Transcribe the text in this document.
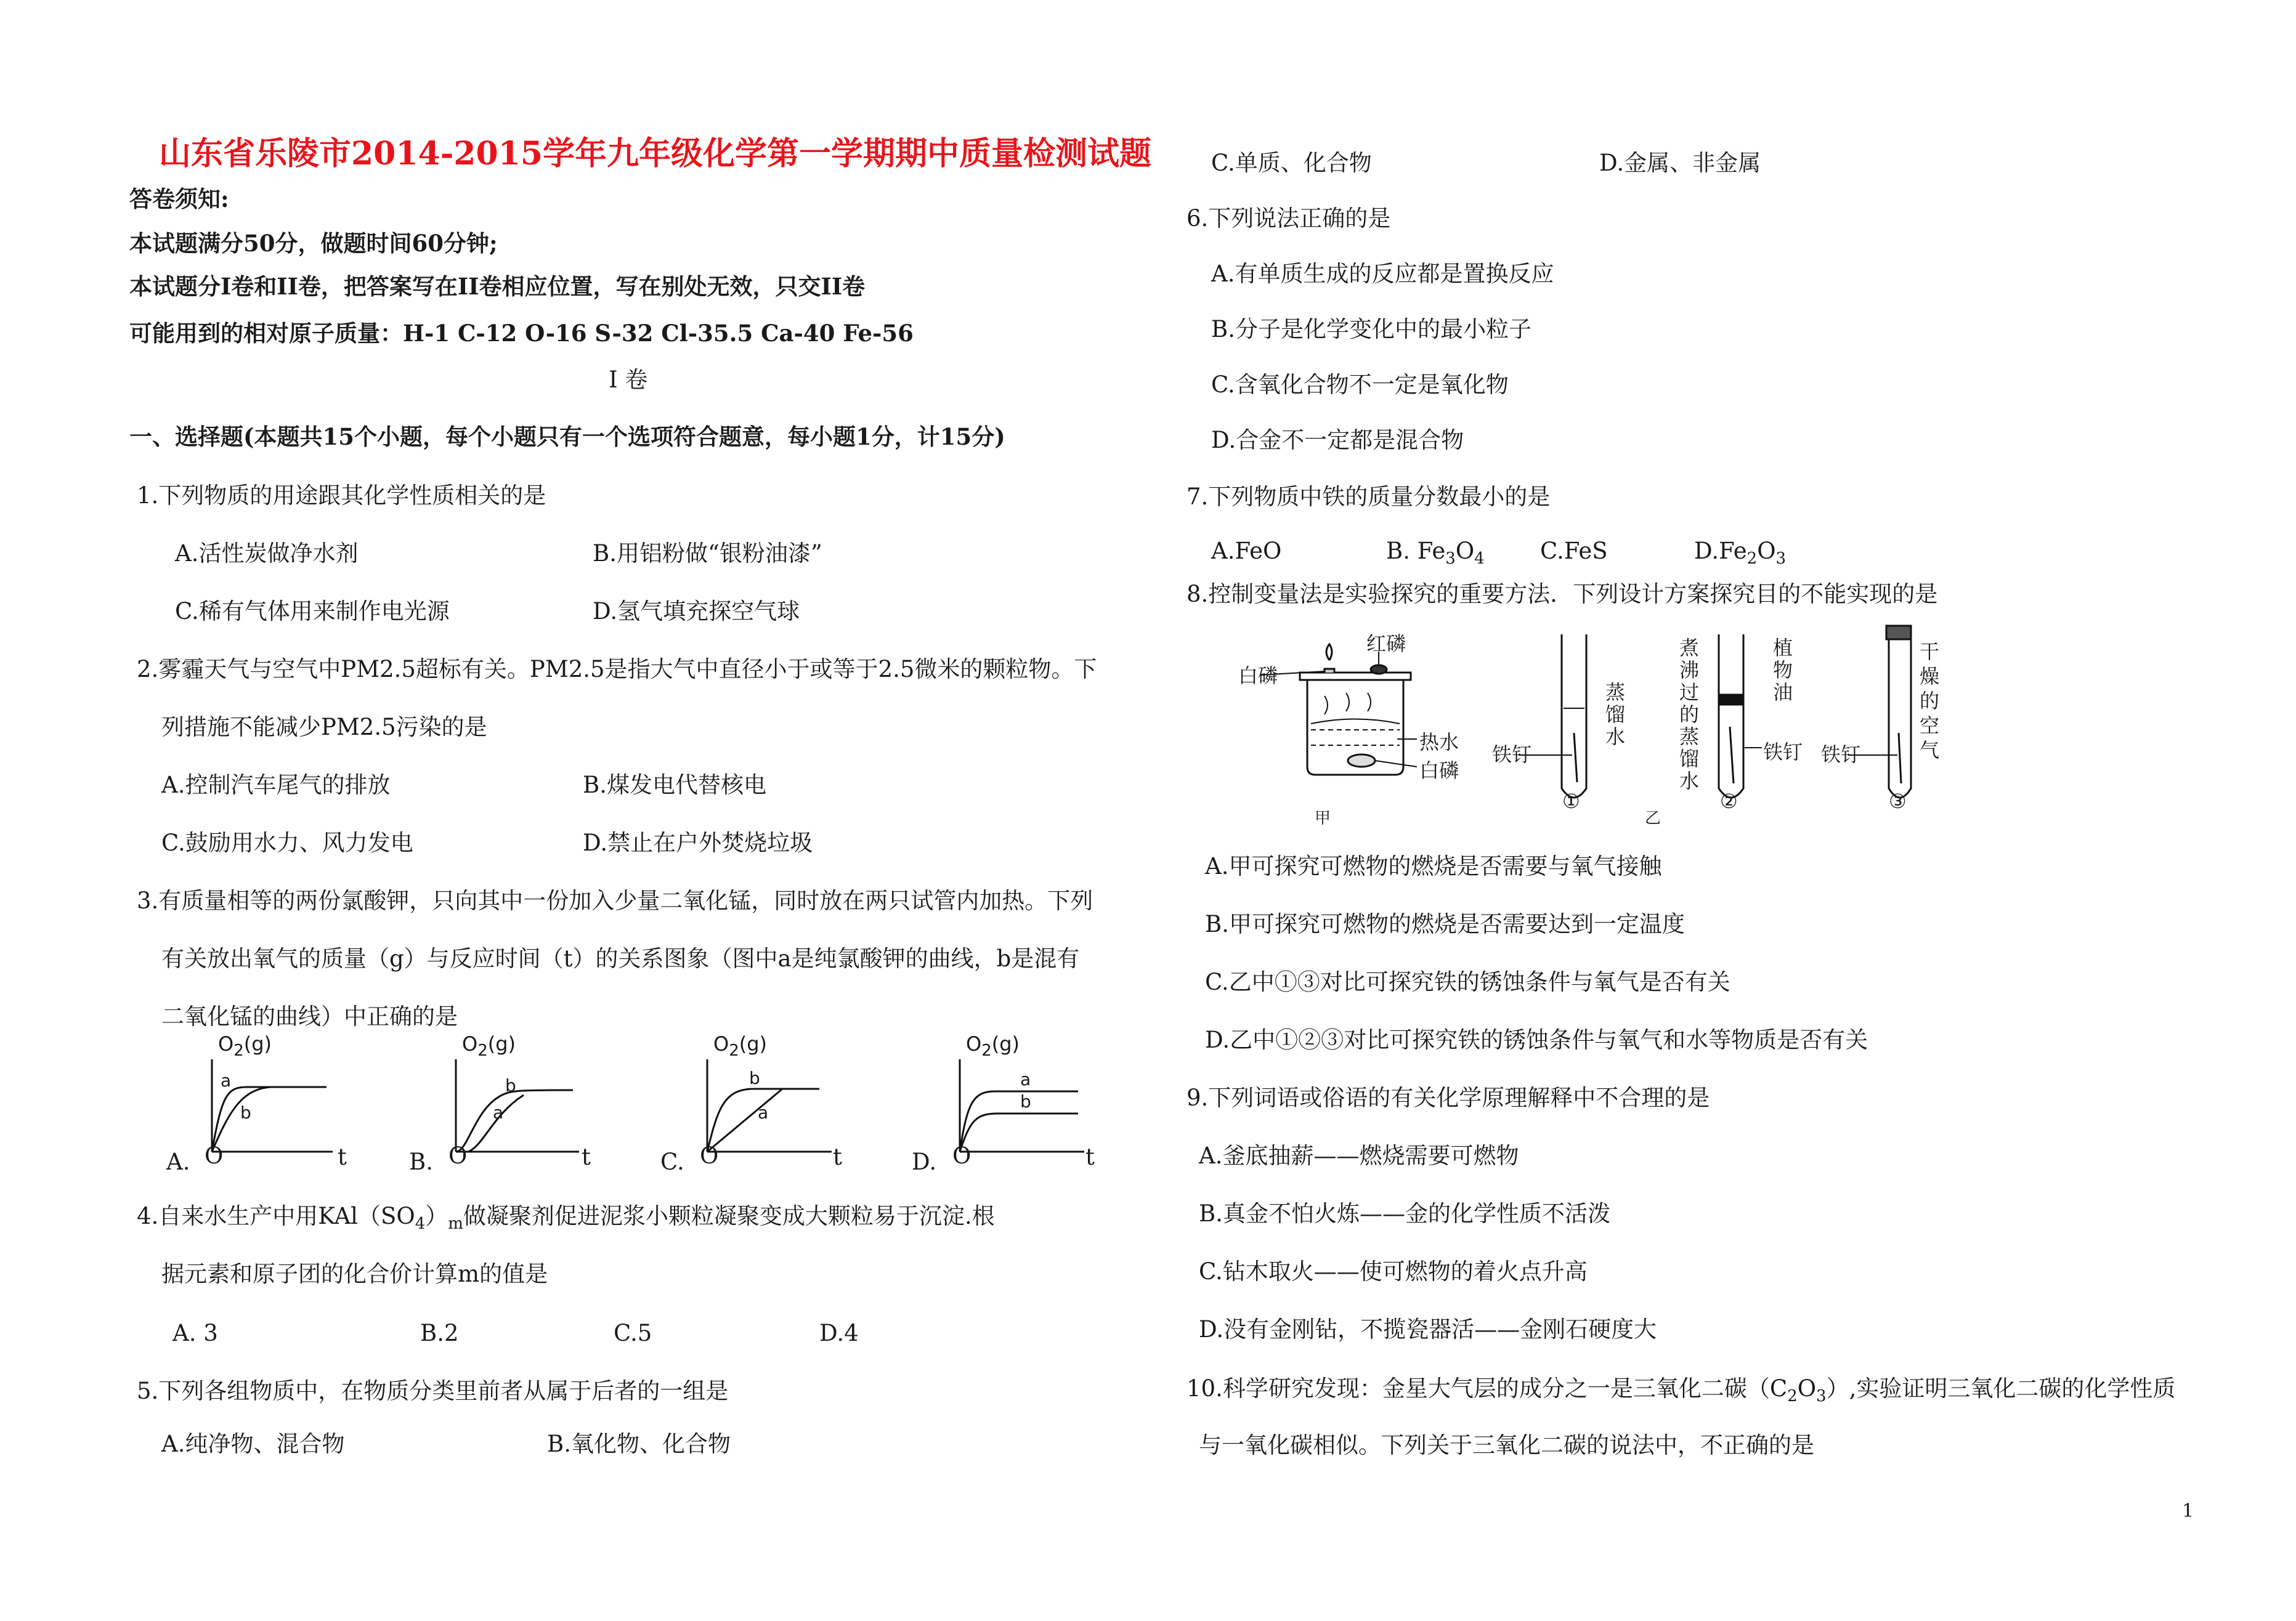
山东省乐陵市2014-2015学年九年级化学第一学期期中质量检测试题
答卷须知:
本试题满分50分，做题时间60分钟;
本试题分I卷和II卷，把答案写在II卷相应位置，写在别处无效，只交II卷
可能用到的相对原子质量：H-1 C-12 O-16 S-32 Cl-35.5 Ca-40 Fe-56
I 卷
一、选择题(本题共15个小题，每个小题只有一个选项符合题意，每小题1分，计15分)
1.下列物质的用途跟其化学性质相关的是
A.活性炭做净水剂	B.用铝粉做“银粉油漆”
C.稀有气体用来制作电光源	D.氢气填充探空气球
2.雾霾天气与空气中PM2.5超标有关。PM2.5是指大气中直径小于或等于2.5微米的颗粒物。下
列措施不能减少PM2.5污染的是
A.控制汽车尾气的排放	B.煤发电代替核电
C.鼓励用水力、风力发电	D.禁止在户外焚烧垃圾
3.有质量相等的两份氯酸钾，只向其中一份加入少量二氧化锰，同时放在两只试管内加热。下列
有关放出氧气的质量（g）与反应时间（t）的关系图象（图中a是纯氯酸钾的曲线，b是混有
二氧化锰的曲线）中正确的是
$O_2(g)$	$O_2(g)$	$O_2(g)$	$O_2(g)$
A. O	t
a
b
B. O	t
b
a
C. O	t
b
a
D. O	t
a
b
4.自来水生产中用$KAl(SO_4)_m$做凝聚剂促进泥浆小颗粒凝聚变成大颗粒易于沉淀.根
据元素和原子团的化合价计算m的值是
A. 3	B.2	C.5	D.4
5.下列各组物质中，在物质分类里前者从属于后者的一组是
A.纯净物、混合物	B.氧化物、化合物
C.单质、化合物	D.金属、非金属
6.下列说法正确的是
A.有单质生成的反应都是置换反应
B.分子是化学变化中的最小粒子
C.含氧化合物不一定是氧化物
D.合金不一定都是混合物
7.下列物质中铁的质量分数最小的是
A.FeO	B. $Fe_3O_4$ C.FeS	$D.Fe_2O_3$
8.控制变量法是实验探究的重要方法．下列设计方案探究目的不能实现的是
白磷
红磷
热水
白磷
甲	乙
铁钉
蒸
馏
水
①
煮
沸
过
的
蒸
馏
水
植
物
油
铁钉
②
铁钉
干
燥
的
空
气
③
A.甲可探究可燃物的燃烧是否需要与氧气接触
B.甲可探究可燃物的燃烧是否需要达到一定温度
C.乙中①③对比可探究铁的锈蚀条件与氧气是否有关
D.乙中①②③对比可探究铁的锈蚀条件与氧气和水等物质是否有关
9.下列词语或俗语的有关化学原理解释中不合理的是
A.釜底抽薪——燃烧需要可燃物
B.真金不怕火炼——金的化学性质不活泼
C.钻木取火——使可燃物的着火点升高
D.没有金刚钻，不揽瓷器活——金刚石硬度大
10.科学研究发现：金星大气层的成分之一是三氧化二碳$(C_2O_3)$,实验证明三氧化二碳的化学性质
与一氧化碳相似。下列关于三氧化二碳的说法中，不正确的是
1
